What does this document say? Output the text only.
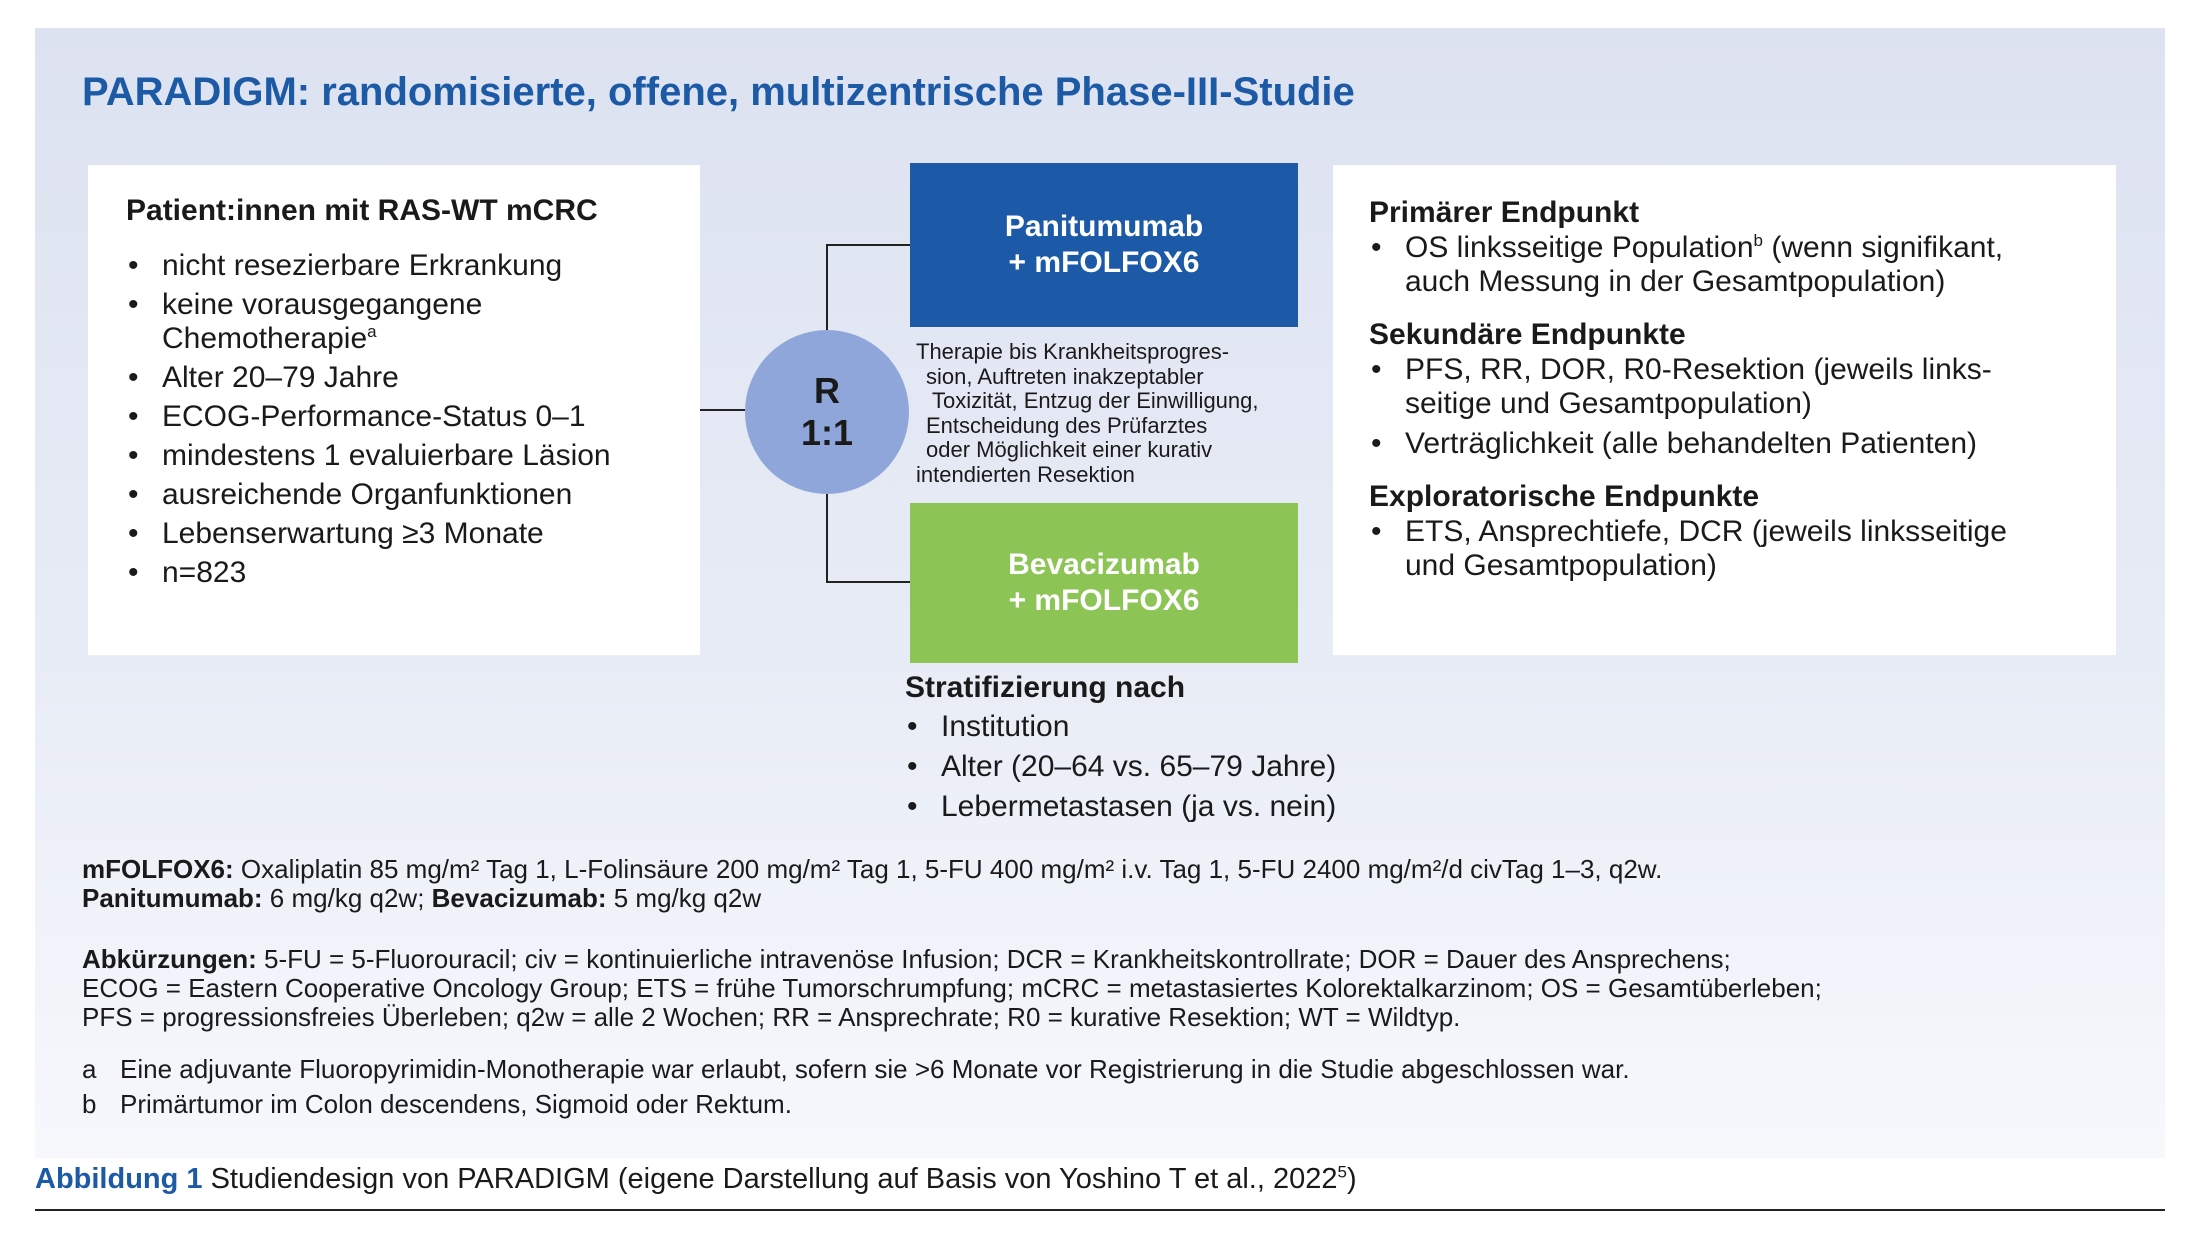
PARADIGM: randomisierte, offene, multizentrische Phase-III-Studie
Patient:innen mit RAS-WT mCRC
• nicht resezierbare Erkrankung
• keine vorausgegangene
Chemotherapie$^a$
• Alter 20–79 Jahre
• ECOG-Performance-Status 0–1
• mindestens 1 evaluierbare Läsion
• ausreichende Organfunktionen
• Lebenserwartung ≥3 Monate
• n=823
R
1:1
Panitumumab
+ mFOLFOX6
Therapie bis Krankheitsprogres-
sion, Auftreten inakzeptabler
Toxizität, Entzug der Einwilligung,
Entscheidung des Prüfarztes
oder Möglichkeit einer kurativ
intendierten Resektion
Bevacizumab
+ mFOLFOX6
Stratifizierung nach
• Institution
• Alter (20–64 vs. 65–79 Jahre)
• Lebermetastasen (ja vs. nein)
Primärer Endpunkt
• OS linksseitige Population$^b$ (wenn signifikant,
auch Messung in der Gesamtpopulation)
Sekundäre Endpunkte
• PFS, RR, DOR, R0-Resektion (jeweils links-
seitige und Gesamtpopulation)
• Verträglichkeit (alle behandelten Patienten)
Exploratorische Endpunkte
• ETS, Ansprechtiefe, DCR (jeweils linksseitige
und Gesamtpopulation)
mFOLFOX6: Oxaliplatin 85 mg/m² Tag 1, L-Folinsäure 200 mg/m² Tag 1, 5-FU 400 mg/m² i.v. Tag 1, 5-FU 2400 mg/m²/d civTag 1–3, q2w.
Panitumumab: 6 mg/kg q2w; Bevacizumab: 5 mg/kg q2w
Abkürzungen: 5-FU = 5-Fluorouracil; civ = kontinuierliche intravenöse Infusion; DCR = Krankheitskontrollrate; DOR = Dauer des Ansprechens;
ECOG = Eastern Cooperative Oncology Group; ETS = frühe Tumorschrumpfung; mCRC = metastasiertes Kolorektalkarzinom; OS = Gesamtüberleben;
PFS = progressionsfreies Überleben; q2w = alle 2 Wochen; RR = Ansprechrate; R0 = kurative Resektion; WT = Wildtyp.
a Eine adjuvante Fluoropyrimidin-Monotherapie war erlaubt, sofern sie >6 Monate vor Registrierung in die Studie abgeschlossen war.
b Primärtumor im Colon descendens, Sigmoid oder Rektum.
Abbildung 1 Studiendesign von PARADIGM (eigene Darstellung auf Basis von Yoshino T et al., 2022$^5$)
